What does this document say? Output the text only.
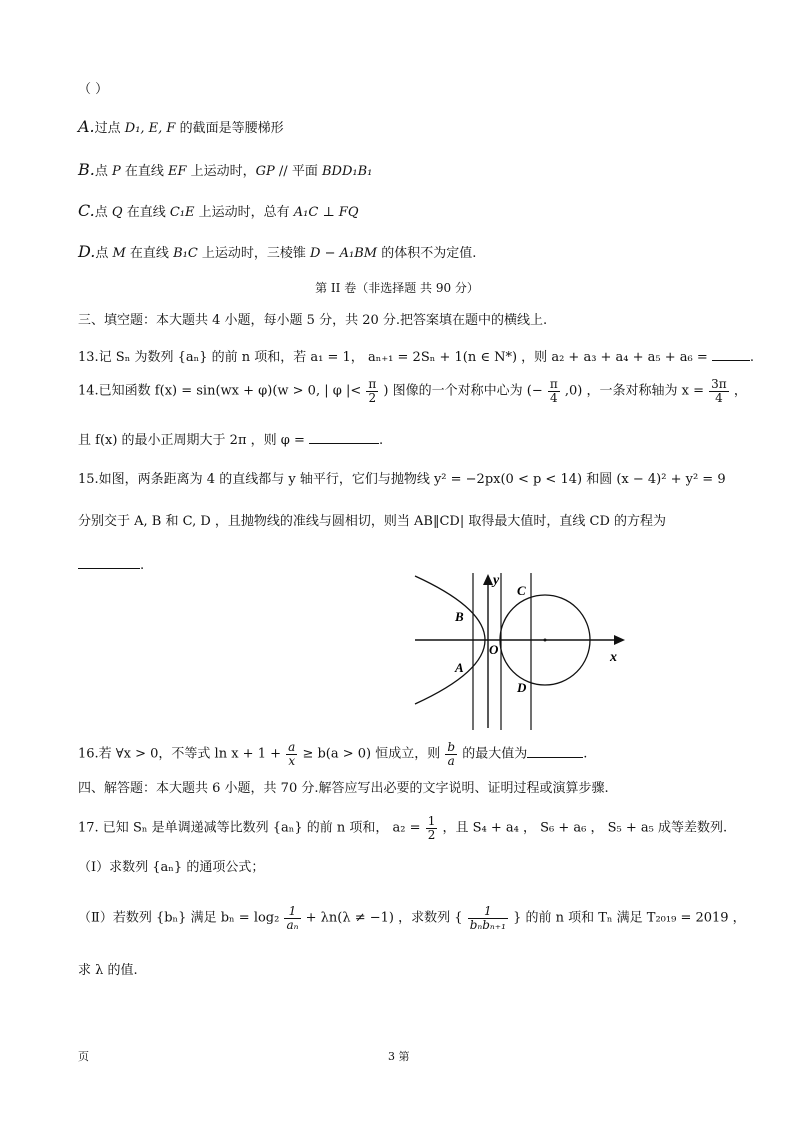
（ ）
A.过点 D₁, E, F 的截面是等腰梯形
B.点 P 在直线 EF 上运动时，GP // 平面 BDD₁B₁
C.点 Q 在直线 C₁E 上运动时，总有 A₁C ⊥ FQ
D.点 M 在直线 B₁C 上运动时，三棱锥 D − A₁BM 的体积不为定值.
第 II 卷（非选择题 共 90 分）
三、填空题：本大题共 4 小题，每小题 5 分，共 20 分.把答案填在题中的横线上.
13.记 Sₙ 为数列 {aₙ} 的前 n 项和，若 a₁ = 1， aₙ₊₁ = 2Sₙ + 1(n ∈ N*) ，则 a₂ + a₃ + a₄ + a₅ + a₆ =	.
14.已知函数 f(x) = sin(wx + φ)(w > 0, | φ |< $\frac{\pi}{2}$ ) 图像的一个对称中心为 (− $\frac{\pi}{4} ,0$) ，一条对称轴为 $x = \frac{3\pi}{4}$ ，
且 f(x) 的最小正周期大于 2π ，则 φ =	.
15.如图，两条距离为 4 的直线都与 y 轴平行，它们与抛物线 y² = −2px(0 < p < 14) 和圆 (x − 4)² + y² = 9
分别交于 A, B 和 C, D ，且抛物线的准线与圆相切，则当 AB‖CD| 取得最大值时，直线 CD 的方程为
.
y
x
B
A
O
C
D
16.若 ∀x > 0，不等式 $\ln x + 1 + \frac{a}{x} \ge b(a > 0)$ 恒成立，则 $\frac{b}{a}$ 的最大值为	.
四、解答题：本大题共 6 小题，共 70 分.解答应写出必要的文字说明、证明过程或演算步骤.
17. 已知 Sₙ 是单调递减等比数列 {aₙ} 的前 n 项和， $a_2 = \frac{1}{2}$ ，且 S₄ + a₄ ， S₆ + a₆ ， S₅ + a₅ 成等差数列.
（Ⅰ）求数列 {aₙ} 的通项公式；
（Ⅱ）若数列 {bₙ} 满足 $b_n = \log_2 \frac{1}{\text{aₙ}} + \lambda n(\lambda \ne -1)$ ，求数列 { $\frac{1}{\text{bₙbₙ₊₁}}$ } 的前 n 项和 Tₙ 满足 T₂₀₁₉ = 2019 ，
求 λ 的值.
页	3 第
